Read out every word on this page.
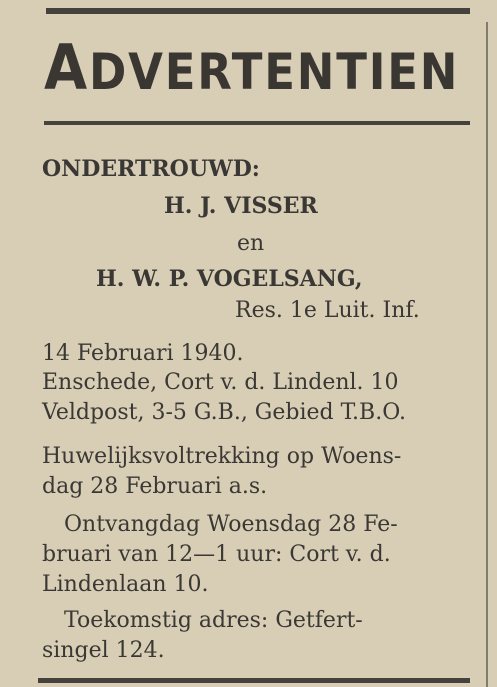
ADVERTENTIEN
ONDERTROUWD:
H. J. VISSER
en
H. W. P. VOGELSANG,
Res. 1e Luit. Inf.
14 Februari 1940.
Enschede, Cort v. d. Lindenl. 10
Veldpost, 3-5 G.B., Gebied T.B.O.
Huwelijksvoltrekking op Woens-
dag 28 Februari a.s.
Ontvangdag Woensdag 28 Fe-
bruari van 12—1 uur: Cort v. d.
Lindenlaan 10.
Toekomstig adres: Getfert-
singel 124.
